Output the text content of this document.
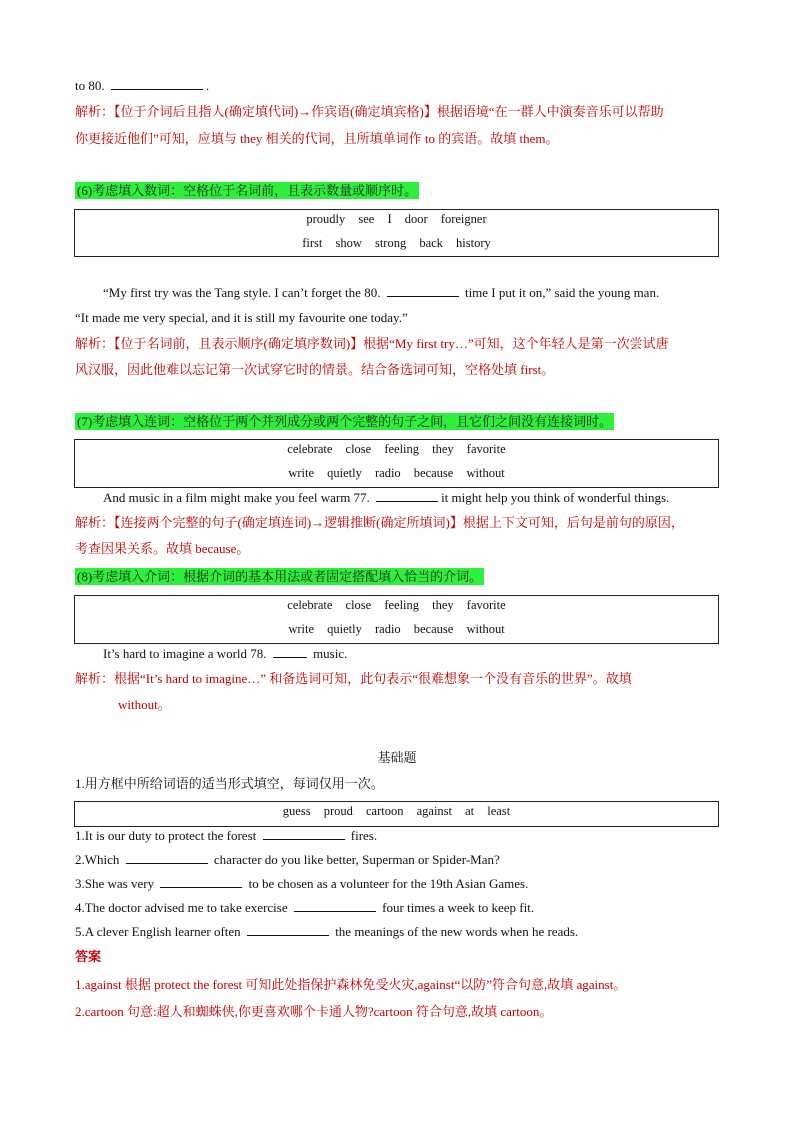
to 80.	.
解析：【位于介词后且指人(确定填代词)→作宾语(确定填宾格)】根据语境“在一群人中演奏音乐可以帮助
你更接近他们”可知，应填与 they 相关的代词，且所填单词作 to 的宾语。故填 them。
(6)考虑填入数词：空格位于名词前，且表示数量或顺序时。
proudly see I door foreigner
first show strong back history
“My first try was the Tang style. I can’t forget the 80.	time I put it on,” said the young man.
“It made me very special, and it is still my favourite one today.”
解析：【位于名词前，且表示顺序(确定填序数词)】根据“My first try…”可知，这个年轻人是第一次尝试唐
风汉服，因此他难以忘记第一次试穿它时的情景。结合备选词可知，空格处填 first。
(7)考虑填入连词：空格位于两个并列成分或两个完整的句子之间，且它们之间没有连接词时。
celebrate close feeling they favorite
write quietly radio because without
And music in a film might make you feel warm 77.	it might help you think of wonderful things.
解析：【连接两个完整的句子(确定填连词)→逻辑推断(确定所填词)】根据上下文可知，后句是前句的原因，
考查因果关系。故填 because。
(8)考虑填入介词：根据介词的基本用法或者固定搭配填入恰当的介词。
celebrate close feeling they favorite
write quietly radio because without
It’s hard to imagine a world 78.	music.
解析：根据“It’s hard to imagine…” 和备选词可知，此句表示“很难想象一个没有音乐的世界”。故填
without。
基础题
1.用方框中所给词语的适当形式填空，每词仅用一次。
guess proud cartoon against at least
1.It is our duty to protect the forest	fires.
2.Which	character do you like better, Superman or Spider-Man?
3.She was very	to be chosen as a volunteer for the 19th Asian Games.
4.The doctor advised me to take exercise	four times a week to keep fit.
5.A clever English learner often	the meanings of the new words when he reads.
答案
1.against 根据 protect the forest 可知此处指保护森林免受火灾,against“以防”符合句意,故填 against。
2.cartoon 句意:超人和蜘蛛侠,你更喜欢哪个卡通人物?cartoon 符合句意,故填 cartoon。
